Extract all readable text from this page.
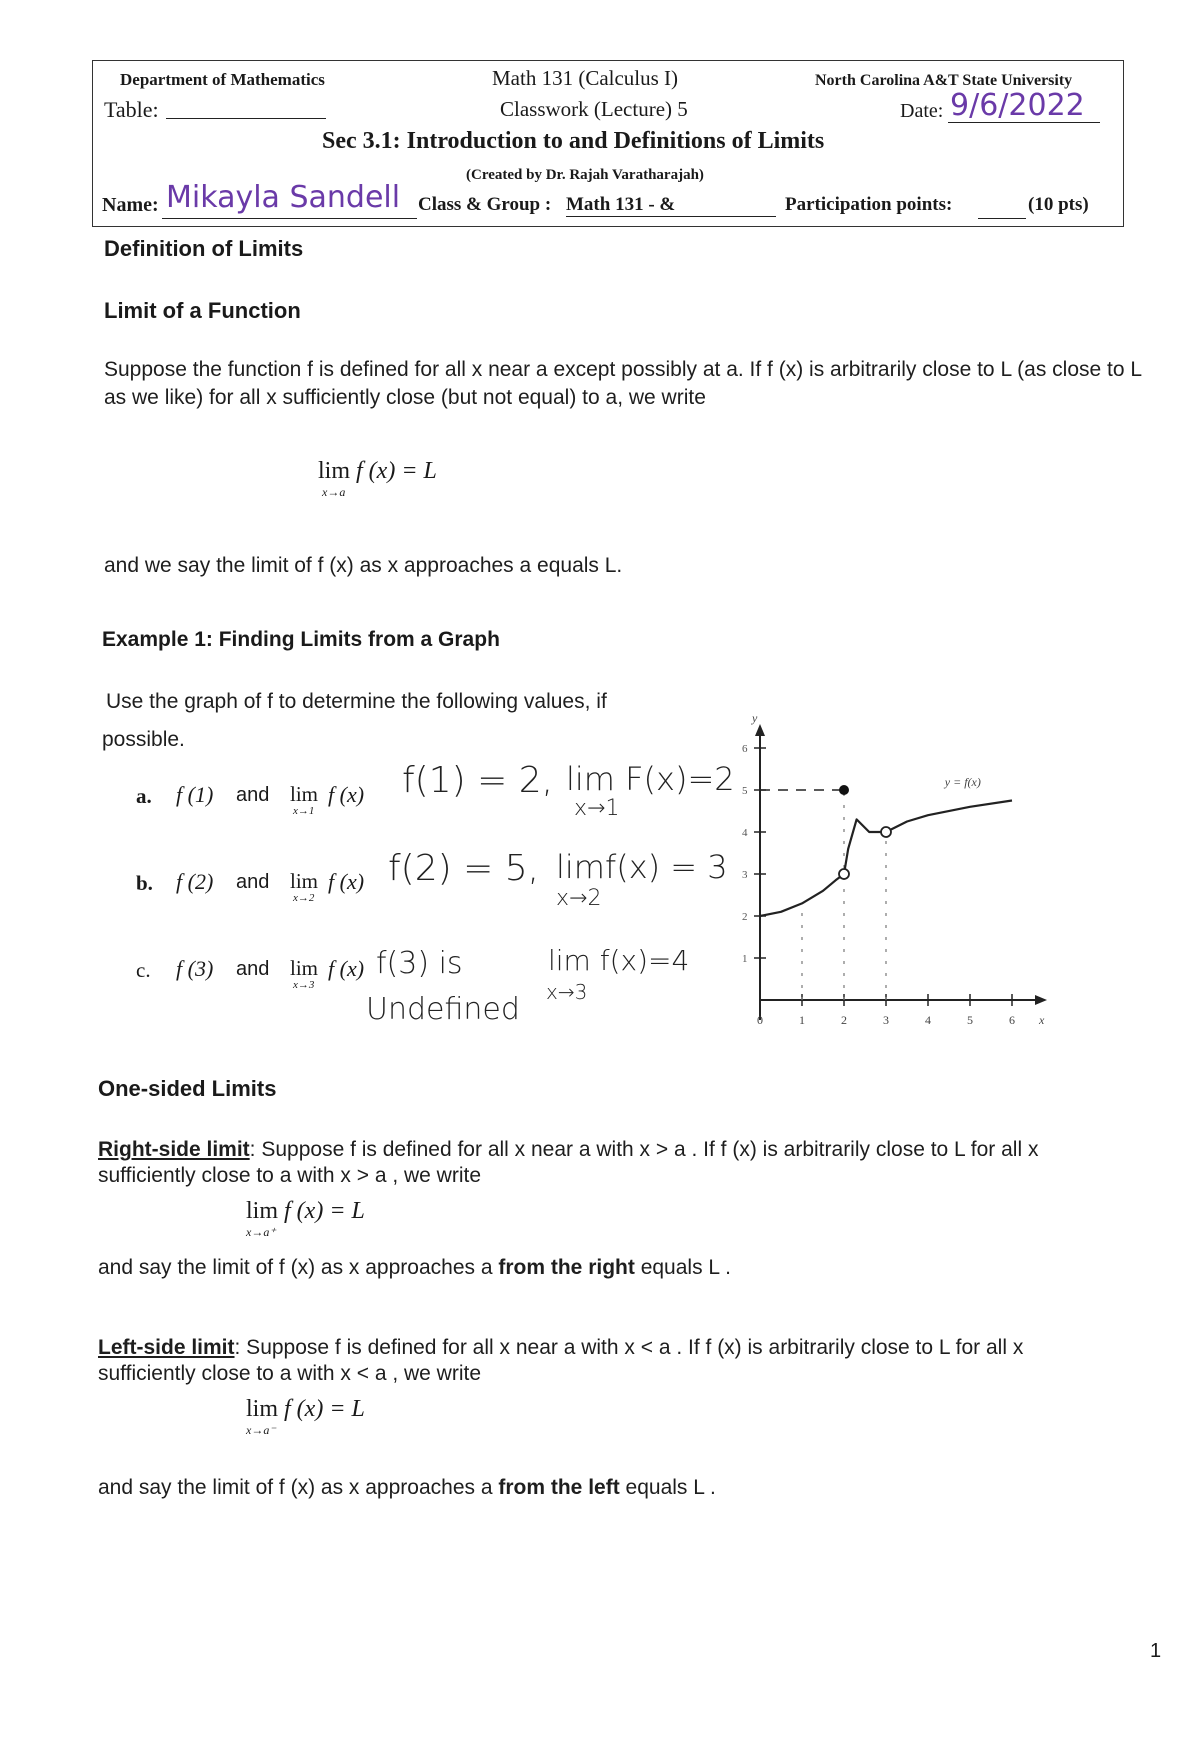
Department of Mathematics	Math 131 (Calculus I)	North Carolina A&T State University
Table:	Classwork (Lecture) 5	Date: 9/6/2022
Sec 3.1: Introduction to and Definitions of Limits
(Created by Dr. Rajah Varatharajah)
Name: Mikayla Sandell Class & Group : Math 131 - &	Participation points:	(10 pts)
Definition of Limits
Limit of a Function
Suppose the function f is defined for all x near a except possibly at a. If f (x) is arbitrarily close to L (as close to L
as we like) for all x sufficiently close (but not equal) to a, we write
lim f (x) = L
x→a
and we say the limit of f (x) as x approaches a equals L.
Example 1: Finding Limits from a Graph
Use the graph of f to determine the following values, if
possible.
a. f (1) and lim
x→1
f (x) f(1) = 2, lim F(x)=2
x→1
b. f (2) and lim
x→2
f (x) f(2) = 5, limf(x) = 3
x→2
c. f (3) and lim
x→3
f (x) f(3) is
Undefined
lim f(x)=4
x→3
0	1	2	3	4	5	6
1
2
3
4
5
6
x
y
y = f(x)
One-sided Limits
Right-side limit: Suppose f is defined for all x near a with x > a . If f (x) is arbitrarily close to L for all x
sufficiently close to a with x > a , we write
lim f (x) = L
x→a⁺
and say the limit of f (x) as x approaches a from the right equals L .
Left-side limit: Suppose f is defined for all x near a with x < a . If f (x) is arbitrarily close to L for all x
sufficiently close to a with x < a , we write
lim f (x) = L
x→a⁻
and say the limit of f (x) as x approaches a from the left equals L .
1
